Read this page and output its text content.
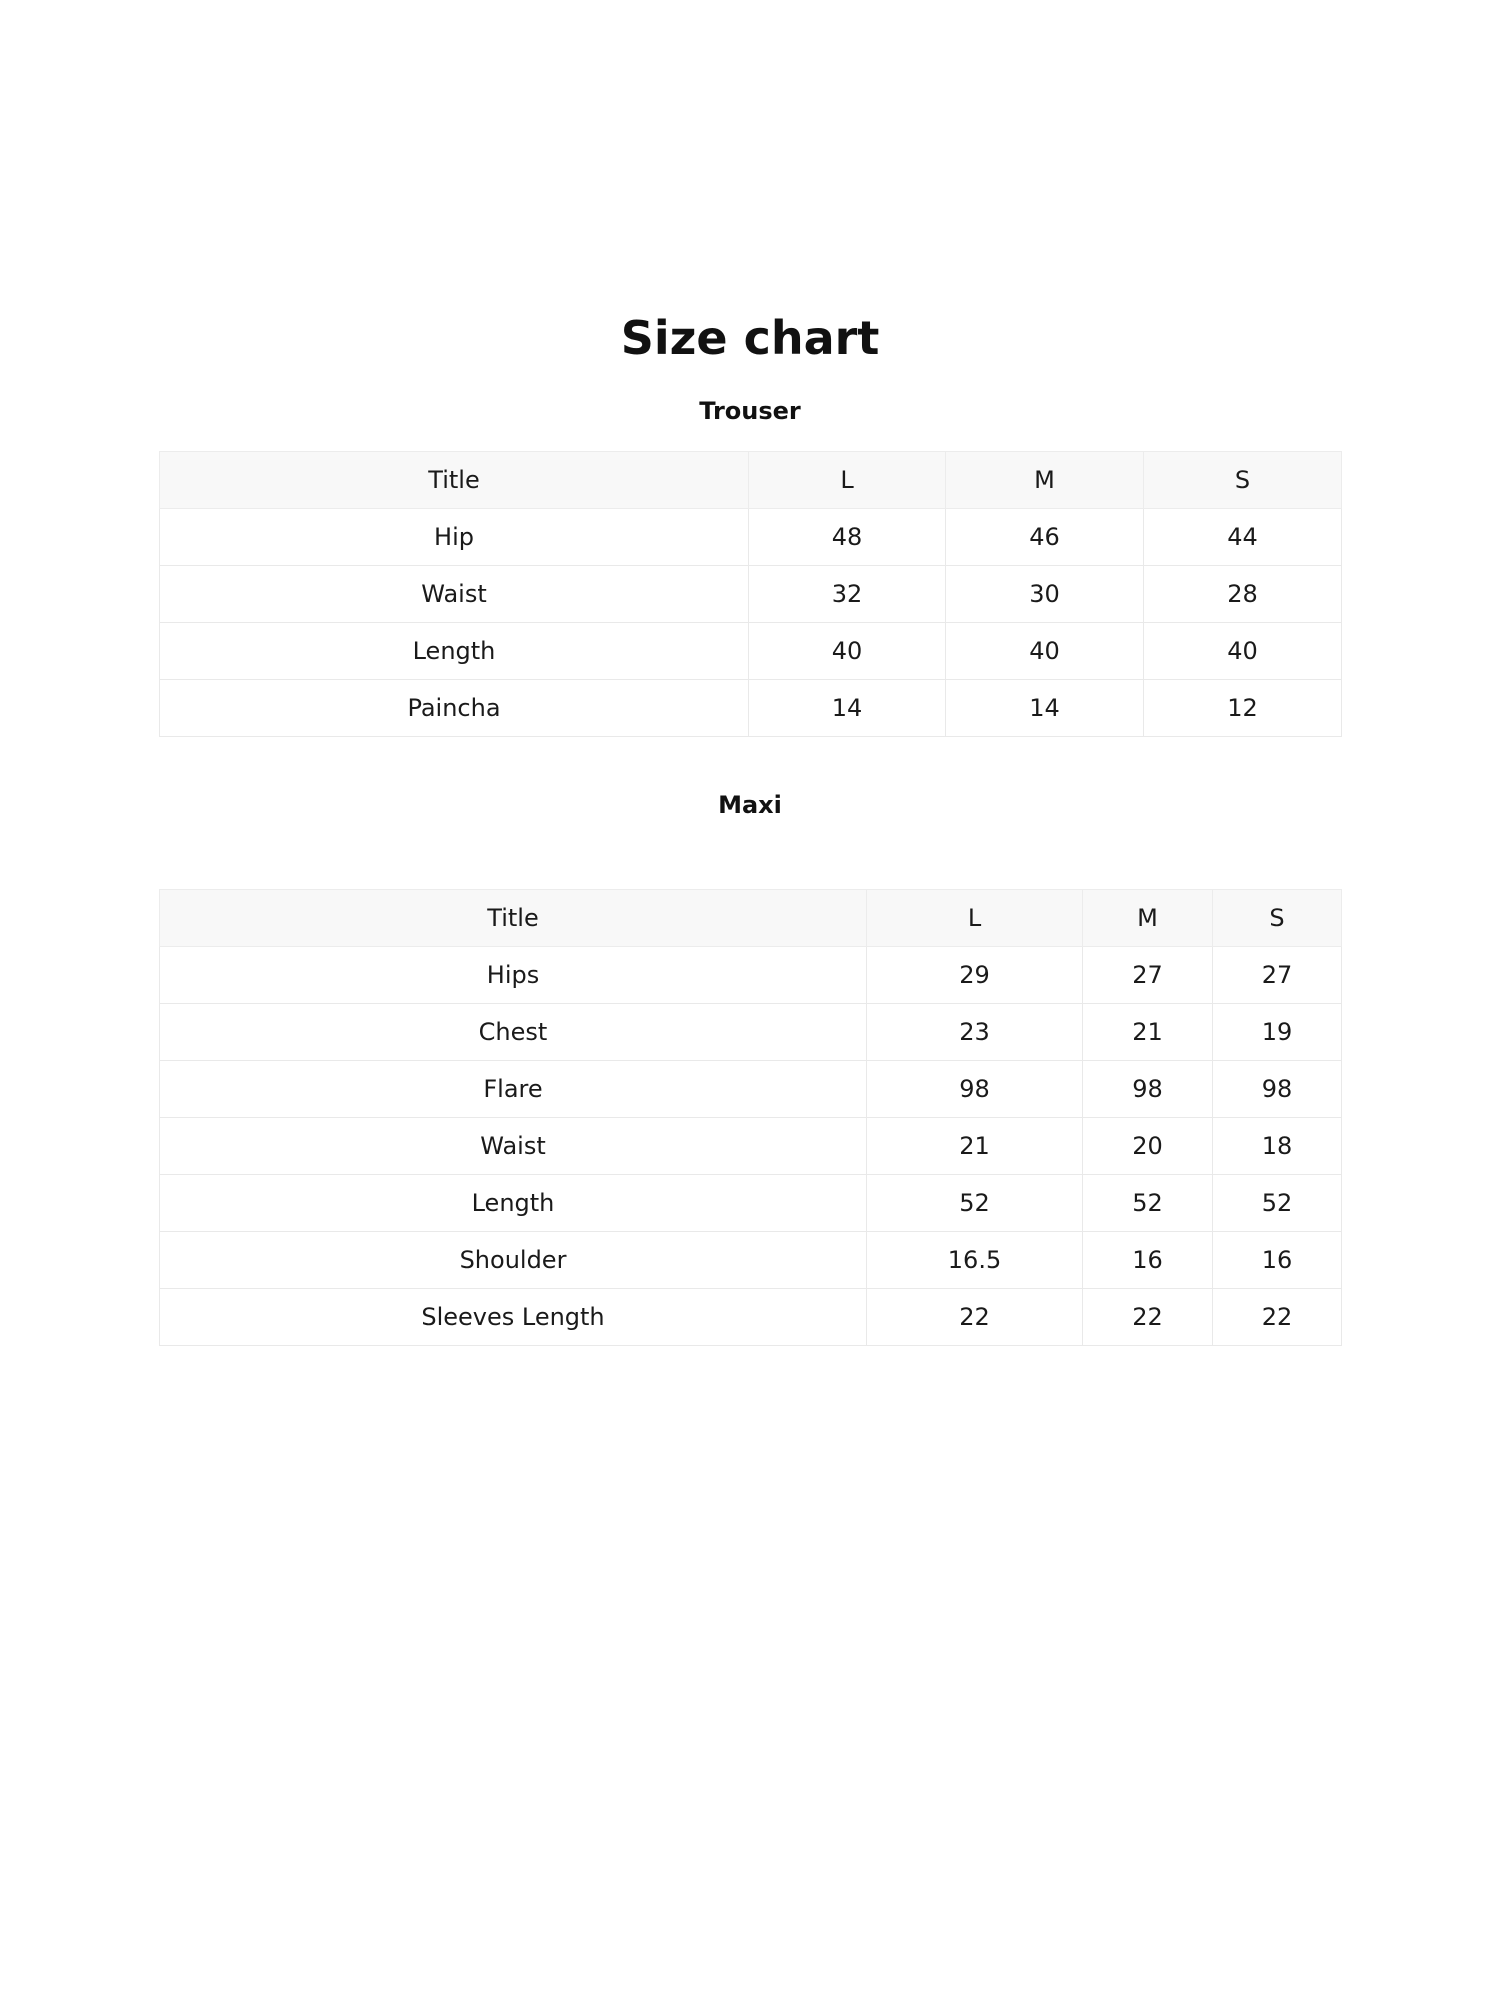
Size chart
Trouser
Title	L	M	S
Hip	48	46	44
Waist	32	30	28
Length	40	40	40
Paincha	14	14	12
Maxi
Title	L	M	S
Hips	29	27	27
Chest	23	21	19
Flare	98	98	98
Waist	21	20	18
Length	52	52	52
Shoulder	16.5	16	16
Sleeves Length	22	22	22
